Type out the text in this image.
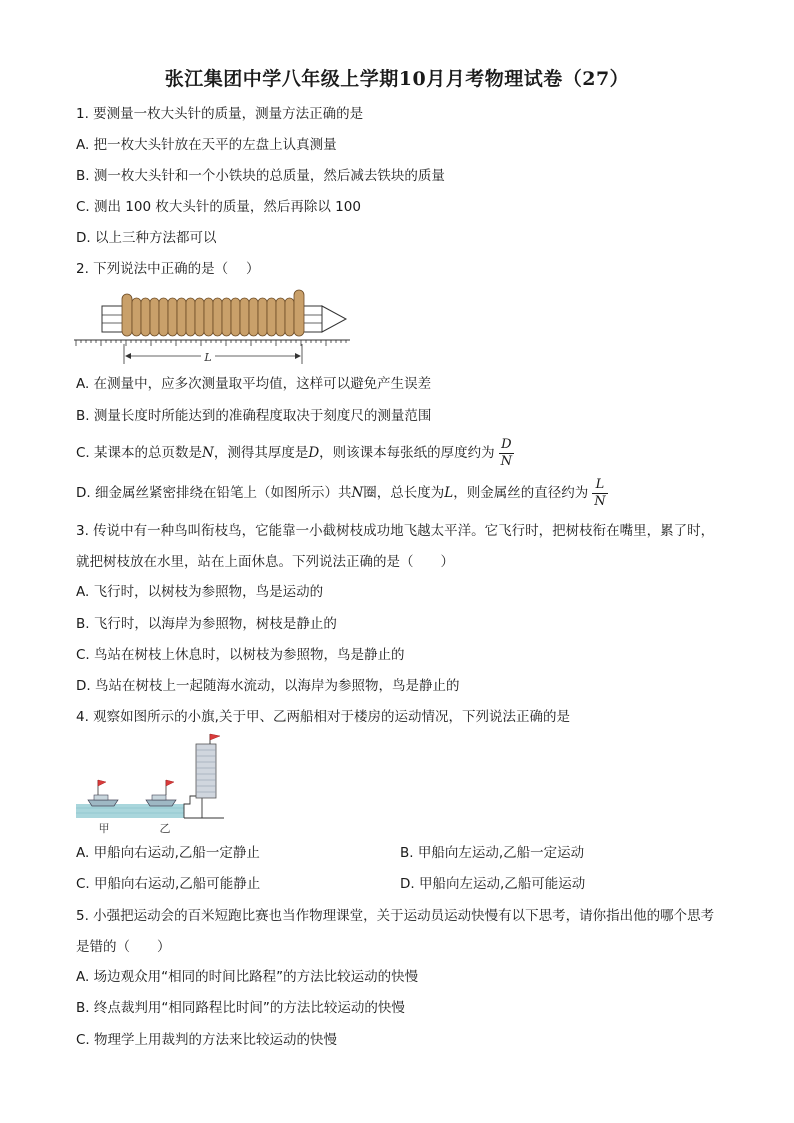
张江集团中学八年级上学期10月月考物理试卷（27）
1. 要测量一枚大头针的质量，测量方法正确的是
A. 把一枚大头针放在天平的左盘上认真测量
B. 测一枚大头针和一个小铁块的总质量，然后减去铁块的质量
C. 测出 100 枚大头针的质量，然后再除以 100
D. 以上三种方法都可以
2. 下列说法中正确的是（　 ）
L
A. 在测量中，应多次测量取平均值，这样可以避免产生误差
B. 测量长度时所能达到的准确程度取决于刻度尺的测量范围
C. 某课本的总页数是N，测得其厚度是D，则该课本每张纸的厚度约为 $\frac{D}{N}$
D. 细金属丝紧密排绕在铅笔上（如图所示）共N圈，总长度为L，则金属丝的直径约为 $\frac{L}{N}$
3. 传说中有一种鸟叫衔枝鸟，它能靠一小截树枝成功地飞越太平洋。它飞行时，把树枝衔在嘴里，累了时，就把树枝放在水里，站在上面休息。下列说法正确的是（　　）
A. 飞行时，以树枝为参照物，鸟是运动的
B. 飞行时，以海岸为参照物，树枝是静止的
C. 鸟站在树枝上休息时，以树枝为参照物，鸟是静止的
D. 鸟站在树枝上一起随海水流动，以海岸为参照物，鸟是静止的
4. 观察如图所示的小旗,关于甲、乙两船相对于楼房的运动情况，下列说法正确的是
甲	乙
A. 甲船向右运动,乙船一定静止	B. 甲船向左运动,乙船一定运动
C. 甲船向右运动,乙船可能静止	D. 甲船向左运动,乙船可能运动
5. 小强把运动会的百米短跑比赛也当作物理课堂，关于运动员运动快慢有以下思考，请你指出他的哪个思考是错的（　　）
A. 场边观众用“相同的时间比路程”的方法比较运动的快慢
B. 终点裁判用“相同路程比时间”的方法比较运动的快慢
C. 物理学上用裁判的方法来比较运动的快慢
